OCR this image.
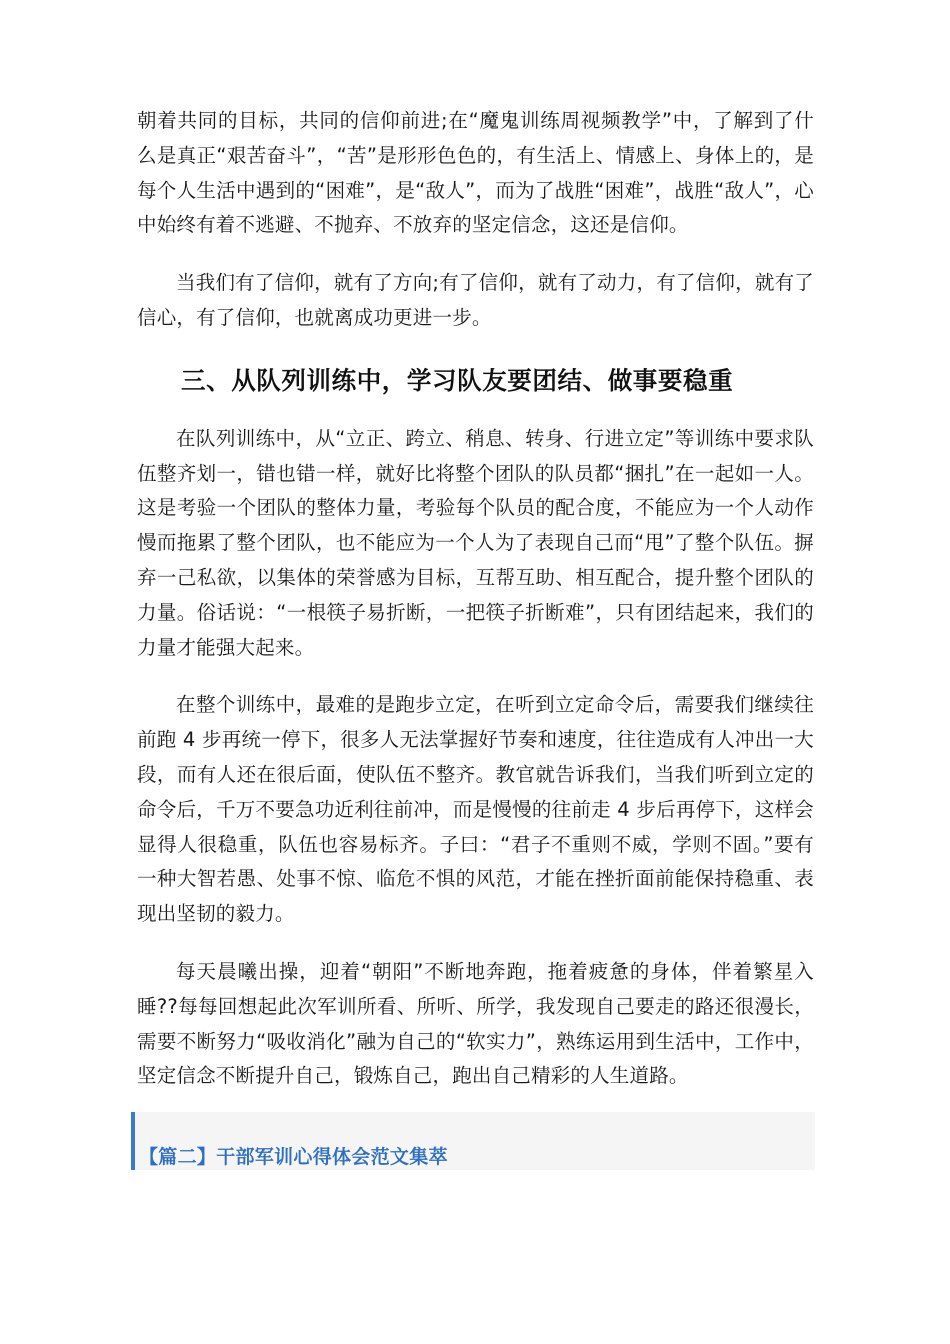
朝着共同的目标，共同的信仰前进;在“魔鬼训练周视频教学”中，了解到了什么是真正“艰苦奋斗”，“苦”是形形色色的，有生活上、情感上、身体上的，是每个人生活中遇到的“困难”，是“敌人”，而为了战胜“困难”，战胜“敌人”，心中始终有着不逃避、不抛弃、不放弃的坚定信念，这还是信仰。

当我们有了信仰，就有了方向;有了信仰，就有了动力，有了信仰，就有了信心，有了信仰，也就离成功更进一步。

三、从队列训练中，学习队友要团结、做事要稳重

在队列训练中，从“立正、跨立、稍息、转身、行进立定”等训练中要求队伍整齐划一，错也错一样，就好比将整个团队的队员都“捆扎”在一起如一人。这是考验一个团队的整体力量，考验每个队员的配合度，不能应为一个人动作慢而拖累了整个团队，也不能应为一个人为了表现自己而“甩”了整个队伍。摒弃一己私欲，以集体的荣誉感为目标，互帮互助、相互配合，提升整个团队的力量。俗话说：“一根筷子易折断，一把筷子折断难”，只有团结起来，我们的力量才能强大起来。

在整个训练中，最难的是跑步立定，在听到立定命令后，需要我们继续往前跑 4 步再统一停下，很多人无法掌握好节奏和速度，往往造成有人冲出一大段，而有人还在很后面，使队伍不整齐。教官就告诉我们，当我们听到立定的命令后，千万不要急功近利往前冲，而是慢慢的往前走 4 步后再停下，这样会显得人很稳重，队伍也容易标齐。子曰：“君子不重则不威，学则不固。”要有一种大智若愚、处事不惊、临危不惧的风范，才能在挫折面前能保持稳重、表现出坚韧的毅力。

每天晨曦出操，迎着“朝阳”不断地奔跑，拖着疲惫的身体，伴着繁星入睡??每每回想起此次军训所看、所听、所学，我发现自己要走的路还很漫长，需要不断努力“吸收消化”融为自己的“软实力”，熟练运用到生活中，工作中，坚定信念不断提升自己，锻炼自己，跑出自己精彩的人生道路。

【篇二】干部军训心得体会范文集萃
